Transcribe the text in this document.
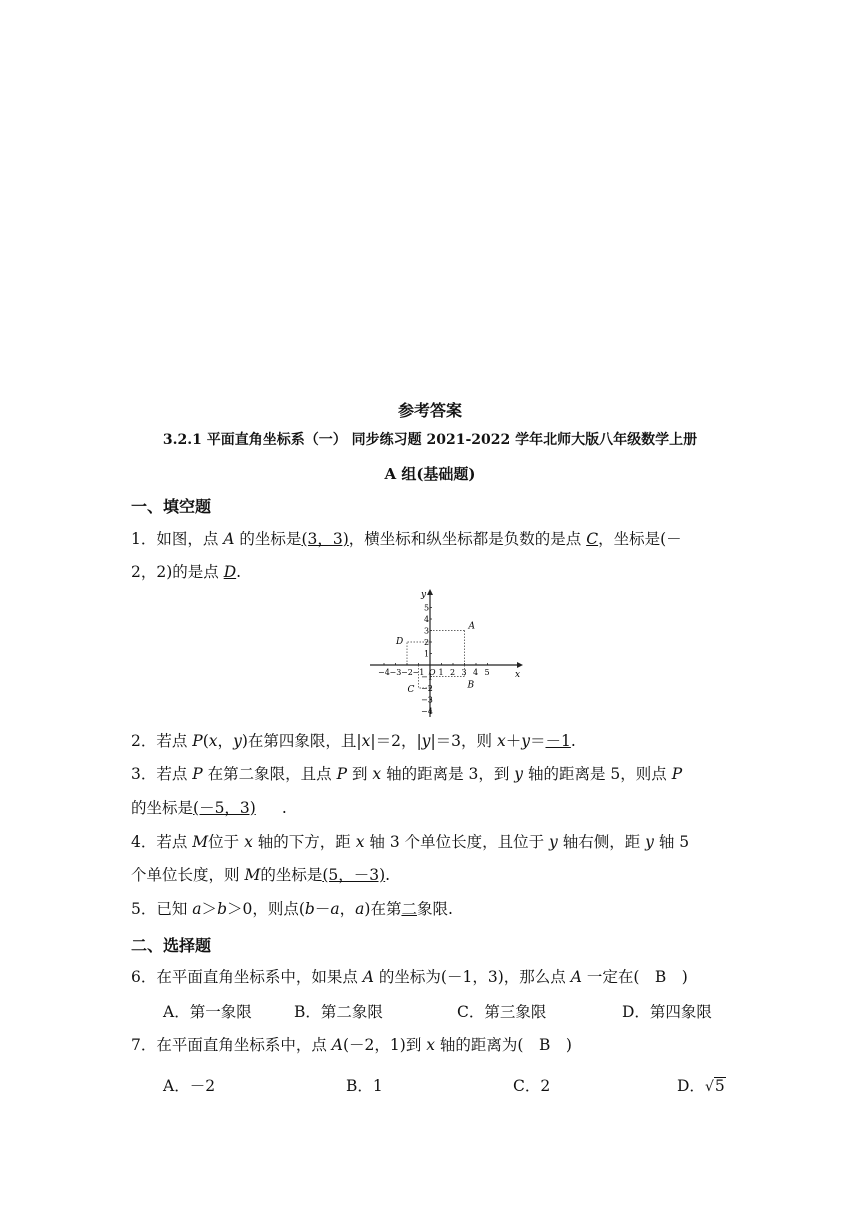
参考答案
3.2.1 平面直角坐标系（一） 同步练习题 2021-2022 学年北师大版八年级数学上册
A 组(基础题)
一、填空题
1．如图，点 A 的坐标是(3，3)，横坐标和纵坐标都是负数的是点 C，坐标是(－
2，2)的是点 D.
x
y
−4 −3 −2 −1 O 1 2 3 4 5
5
4
3
2
1
−1
−2
−3
−4
A
B
C
D
2．若点 P(x，y)在第四象限，且|x|＝2，|y|＝3，则 x＋y＝－1.
3．若点 P 在第二象限，且点 P 到 x 轴的距离是 3，到 y 轴的距离是 5，则点 P
的坐标是(－5，3) .
4．若点 M位于 x 轴的下方，距 x 轴 3 个单位长度，且位于 y 轴右侧，距 y 轴 5
个单位长度，则 M的坐标是(5，－3).
5．已知 a＞b＞0，则点(b－a，a)在第二象限.
二、选择题
6．在平面直角坐标系中，如果点 A 的坐标为(－1，3)，那么点 A 一定在(　B　)
A．第一象限	B．第二象限	C．第三象限	D．第四象限
7．在平面直角坐标系中，点 A(－2，1)到 x 轴的距离为(　B　)
A．－2	B．1	C．2	D．√5
